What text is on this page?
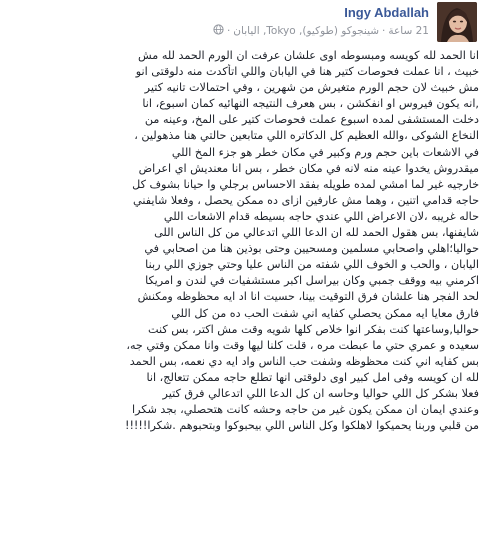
Ingy Abdallah
21 ساعة·شينجوكو (طوكيو), Tokyo, اليابان·
انا الحمد لله كويسه ومبسوطه اوى علشان عرفت ان الورم الحمد لله مش
خبيث ، انا عملت فحوصات كتير هنا في اليابان واللي اتأكدت منه دلوقتى انو
مش خبيث لان حجم الورم متغيرش من شهرين ، وفي احتمالات تانيه كتير
,انه يكون فيروس او انفكشن ، بس هعرف النتيجه النهائيه كمان اسبوع، انا
دخلت المستشفى لمده اسبوع عملت فحوصات كتير على المخ، وعينه من
النخاع الشوكى ،والله العظيم كل الدكاتره اللي متابعين حالتي هنا مذهولين ،
في الاشعات باين حجم ورم وكبير في مكان خطر هو جزء المخ اللي
ميقدروش يخدوا عينه منه لانه في مكان خطر ، بس انا معنديش اي اعراض
خارجيه غير لما امشي لمده طويله بفقد الاحساس برجلي وا حيانا بشوف كل
حاجه قدامي اتنين ، وهما مش عارفين ازاى ده ممكن يحصل ، وفعلا شايفني
حاله غريبه ،لان الاعراض اللي عندي حاجه بسيطه قدام الاشعات اللي
شايفنها، بس هقول الحمد لله ان الدعا اللي اتدعالي من كل الناس اللى
حواليا؛اهلي واصحابي مسلمين ومسحيين وحتى بوذين هنا من اصحابي في
اليابان ، والحب و الخوف اللي شفته من الناس عليا وحتي جوزي اللي ربنا
اكرمني بيه ووقف جمبي وكان بيراسل اكبر مستشفيات في لندن و امريكا
لحد الفجر هنا علشان فرق التوقيت بينا، حسيت انا اد ايه محظوظه ومكنش
فارق معايا ايه ممكن يحصلي كفايه اني شفت الحب ده من كل اللي
حواليا,وساعتها كنت بفكر انوا خلاص كلها شويه وقت مش اكتر، بس كنت
سعيده و عمري حتي ما عبطت مره ، قلت كلنا ليها وقت وانا ممكن وقتي جه،
بس كفايه اني كنت محظوظه وشفت حب الناس واد ايه دي نعمه، بس الحمد
لله ان كويسه وفى امل كبير اوى دلوقتى انها تطلع حاجه ممكن تتعالج، انا
فعلا بشكر كل اللي حواليا وحاسه ان كل الدعا اللي اتدعالي فرق كتير
وعندي ايمان ان ممكن يكون غير من حاجه وحشه كانت هتحصلي، بجد شكرا
من قلبي وربنا يحميكوا لاهلكوا وكل الناس اللي بيحبوكوا وبتحبوهم .شكرا!!!!!
